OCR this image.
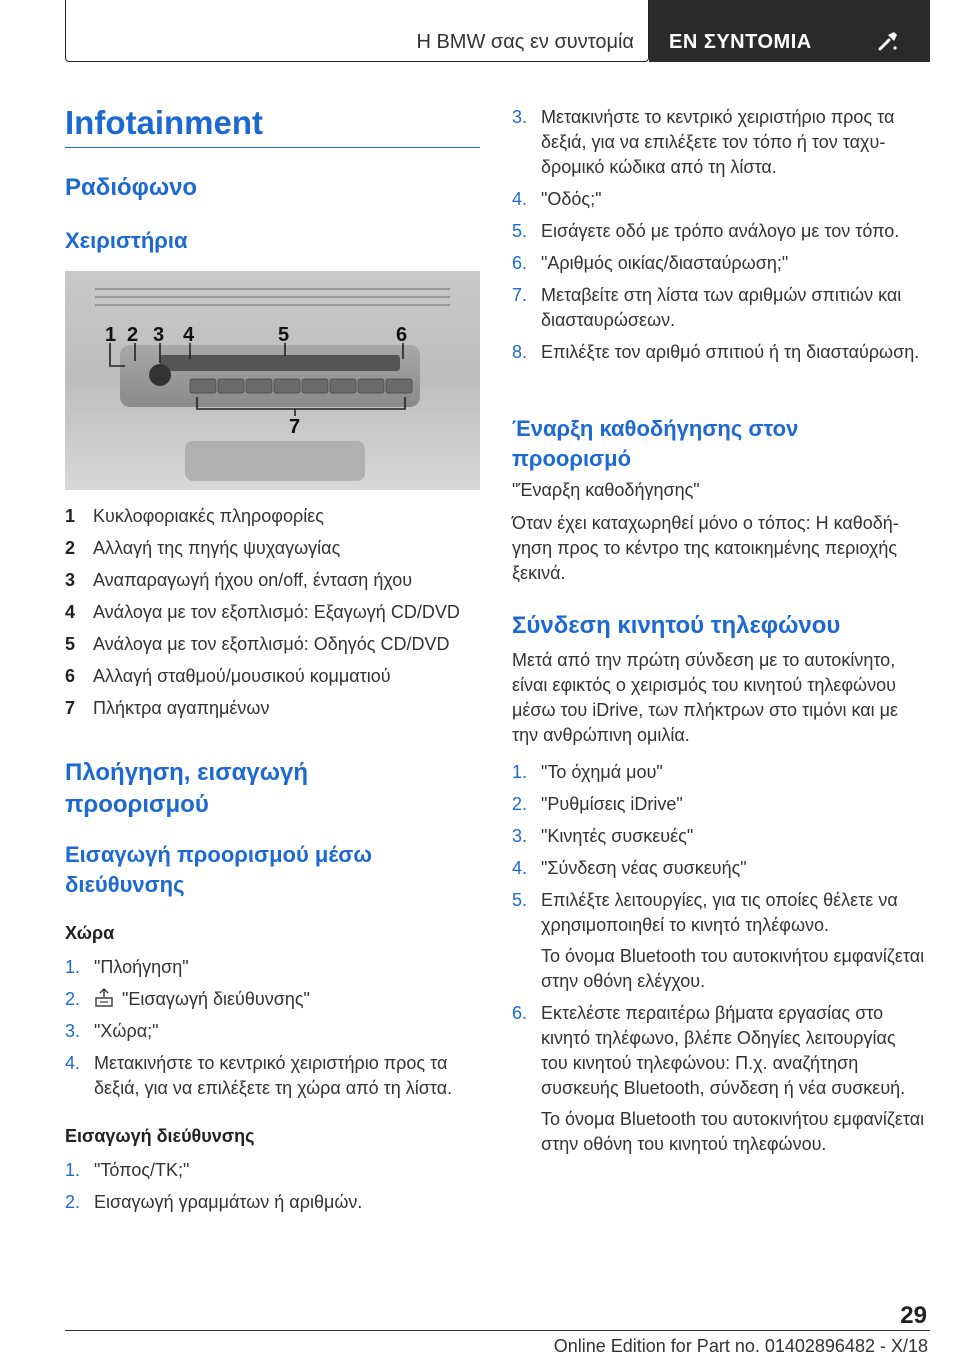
Η BMW σας εν συντομία ΕΝ ΣΥΝΤΟΜΙΑ
Infotainment
Ραδιόφωνο
Χειριστήρια
1 2 3 4	5	6
7
1 Κυκλοφοριακές πληροφορίες
2 Αλλαγή της πηγής ψυχαγωγίας
3 Αναπαραγωγή ήχου on/off, ένταση ήχου
4 Ανάλογα με τον εξοπλισμό: Εξαγωγή CD/DVD
5 Ανάλογα με τον εξοπλισμό: Οδηγός CD/DVD
6 Αλλαγή σταθμού/μουσικού κομματιού
7 Πλήκτρα αγαπημένων
Πλοήγηση, εισαγωγή προορισμού
Εισαγωγή προορισμού μέσω διεύθυνσης

Χώρα

1. "Πλοήγηση"
2. "Εισαγωγή διεύθυνσης"
3. "Χώρα;"
4. Μετακινήστε το κεντρικό χειριστήριο προς τα δεξιά, για να επιλέξετε τη χώρα από τη λίστα.

Εισαγωγή διεύθυνσης

1. "Τόπος/ΤΚ;"
2. Εισαγωγή γραμμάτων ή αριθμών.
3. Μετακινήστε το κεντρικό χειριστήριο προς τα δεξιά, για να επιλέξετε τον τόπο ή τον ταχυδρομικό κώδικα από τη λίστα.
4. "Οδός;"
5. Εισάγετε οδό με τρόπο ανάλογο με τον τόπο.
6. "Αριθμός οικίας/διασταύρωση;"
7. Μεταβείτε στη λίστα των αριθμών σπιτιών και διασταυρώσεων.
8. Επιλέξτε τον αριθμό σπιτιού ή τη διασταύρωση.
Έναρξη καθοδήγησης στον προορισμό

"Έναρξη καθοδήγησης"

Όταν έχει καταχωρηθεί μόνο ο τόπος: Η καθοδήγηση προς το κέντρο της κατοικημένης περιοχής ξεκινά.

Σύνδεση κινητού τηλεφώνου

Μετά από την πρώτη σύνδεση με το αυτοκίνητο, είναι εφικτός ο χειρισμός του κινητού τηλεφώνου μέσω του iDrive, των πλήκτρων στο τιμόνι και με την ανθρώπινη ομιλία.

1. "Το όχημά μου"
2. "Ρυθμίσεις iDrive"
3. "Κινητές συσκευές"
4. "Σύνδεση νέας συσκευής"
5. Επιλέξτε λειτουργίες, για τις οποίες θέλετε να χρησιμοποιηθεί το κινητό τηλέφωνο.
Το όνομα Bluetooth του αυτοκινήτου εμφανίζεται στην οθόνη ελέγχου.
6. Εκτελέστε περαιτέρω βήματα εργασίας στο κινητό τηλέφωνο, βλέπε Οδηγίες λειτουργίας του κινητού τηλεφώνου: Π.χ. αναζήτηση συσκευής Bluetooth, σύνδεση ή νέα συσκευή.
Το όνομα Bluetooth του αυτοκινήτου εμφανίζεται στην οθόνη του κινητού τηλεφώνου.
29
Online Edition for Part no. 01402896482 - X/18
